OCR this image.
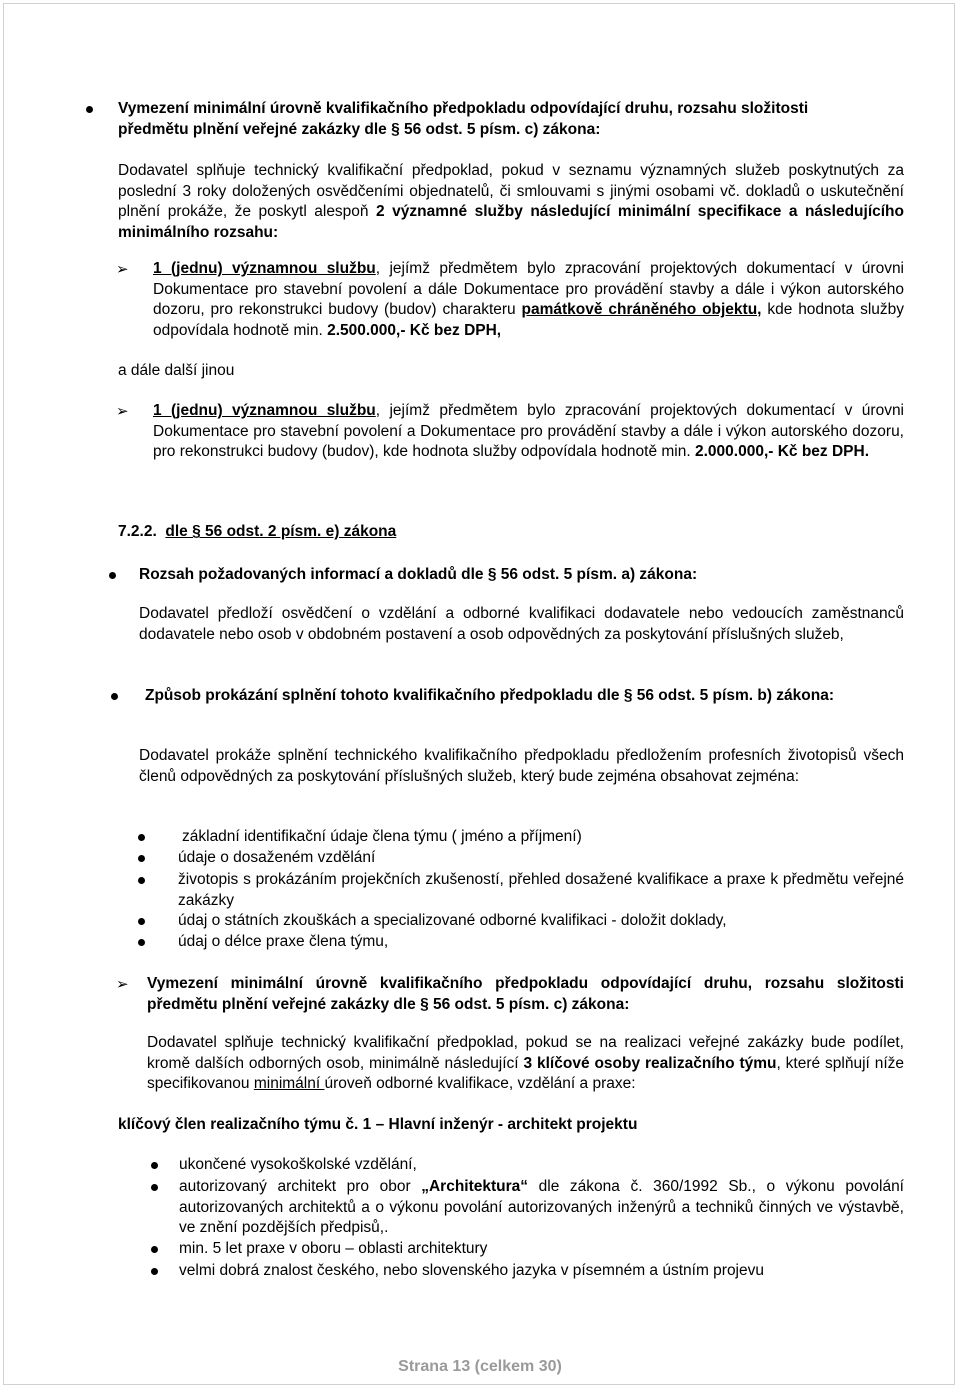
Vymezení minimální úrovně kvalifikačního předpokladu odpovídající druhu, rozsahu složitosti
předmětu plnění veřejné zakázky dle § 56 odst. 5 písm. c) zákona:
Dodavatel splňuje technický kvalifikační předpoklad, pokud v seznamu významných služeb poskytnutých za poslední 3 roky doložených osvědčeními objednatelů, či smlouvami s jinými osobami vč. dokladů o uskutečnění plnění prokáže, že poskytl alespoň 2 významné služby následující minimální specifikace a následujícího minimálního rozsahu:
➢ 1 (jednu) významnou službu, jejímž předmětem bylo zpracování projektových dokumentací v úrovni Dokumentace pro stavební povolení a dále Dokumentace pro provádění stavby a dále i výkon autorského dozoru, pro rekonstrukci budovy (budov) charakteru památkově chráněného objektu, kde hodnota služby odpovídala hodnotě min. 2.500.000,- Kč bez DPH,
a dále další jinou
➢ 1 (jednu) významnou službu, jejímž předmětem bylo zpracování projektových dokumentací v úrovni Dokumentace pro stavební povolení a Dokumentace pro provádění stavby a dále i výkon autorského dozoru, pro rekonstrukci budovy (budov), kde hodnota služby odpovídala hodnotě min. 2.000.000,- Kč bez DPH.
7.2.2. dle § 56 odst. 2 písm. e) zákona
Rozsah požadovaných informací a dokladů dle § 56 odst. 5 písm. a) zákona:
Dodavatel předloží osvědčení o vzdělání a odborné kvalifikaci dodavatele nebo vedoucích zaměstnanců dodavatele nebo osob v obdobném postavení a osob odpovědných za poskytování příslušných služeb,
Způsob prokázání splnění tohoto kvalifikačního předpokladu dle § 56 odst. 5 písm. b) zákona:
Dodavatel prokáže splnění technického kvalifikačního předpokladu předložením profesních životopisů všech členů odpovědných za poskytování příslušných služeb, který bude zejména obsahovat zejména:
základní identifikační údaje člena týmu ( jméno a příjmení)
údaje o dosaženém vzdělání
životopis s prokázáním projekčních zkušeností, přehled dosažené kvalifikace a praxe k předmětu veřejné zakázky
údaj o státních zkouškách a specializované odborné kvalifikaci - doložit doklady,
údaj o délce praxe člena týmu,
➢ Vymezení minimální úrovně kvalifikačního předpokladu odpovídající druhu, rozsahu složitosti předmětu plnění veřejné zakázky dle § 56 odst. 5 písm. c) zákona:
Dodavatel splňuje technický kvalifikační předpoklad, pokud se na realizaci veřejné zakázky bude podílet, kromě dalších odborných osob, minimálně následující 3 klíčové osoby realizačního týmu, které splňují níže specifikovanou minimální úroveň odborné kvalifikace, vzdělání a praxe:
klíčový člen realizačního týmu č. 1 – Hlavní inženýr - architekt projektu
ukončené vysokoškolské vzdělání,
autorizovaný architekt pro obor „Architektura“ dle zákona č. 360/1992 Sb., o výkonu povolání autorizovaných architektů a o výkonu povolání autorizovaných inženýrů a techniků činných ve výstavbě, ve znění pozdějších předpisů,.
min. 5 let praxe v oboru – oblasti architektury
velmi dobrá znalost českého, nebo slovenského jazyka v písemném a ústním projevu
Strana 13 (celkem 30)
